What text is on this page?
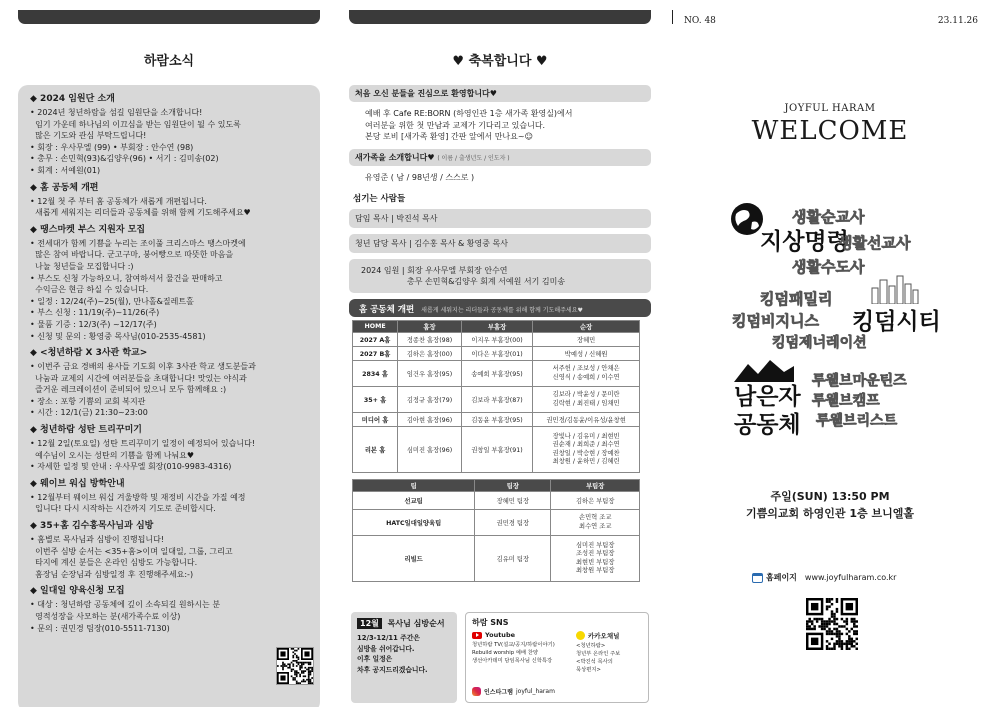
하람소식
◆ 2024 임원단 소개
• 2024년 청년하람을 섬길 임원단을 소개합니다!
임기 가운데 하나님의 이끄심을 받는 임원단이 될 수 있도록
많은 기도와 관심 부탁드립니다!
• 회장 : 우사무엘 (99) • 부회장 : 안수연 (98)
• 총무 : 손민혁(93)&김양우(96) • 서기 : 김미송(02)
• 회계 : 서예원(01)
◆ 홈 공동체 개편
• 12월 첫 주 부터 홈 공동체가 새롭게 개편됩니다.
새롭게 세워지는 리더들과 공동체를 위해 함께 기도해주세요♥
◆ 땡스마켓 부스 지원자 모집
• 전세대가 함께 기쁨을 누리는 조이풀 크리스마스 땡스마켓에
많은 참여 바랍니다. 군고구마, 붕어빵으로 따뜻한 마음을
나눌 청년들을 모집합니다 :)
• 부스도 신청 가능하오니, 참여하셔서 물건을 판매하고
수익금은 현금 하실 수 있습니다.
• 일정 : 12/24(주)~25(월), 만나홀&질레트홀
• 부스 신청 : 11/19(주)~11/26(주)
• 물품 기증 : 12/3(주) ~12/17(주)
• 신청 및 문의 : 황영중 목사님(010-2535-4581)
◆ <청년하람 X 3사관 학교>
• 이번주 금요 경배의 용사들 기도회 이후 3사관 학교 생도분들과
나눔과 교제의 시간에 여러분들을 초대합니다! 맛있는 야식과
즐거운 레크레이션이 준비되어 있으니 모두 함께해요 :)
• 장소 : 포항 기쁨의 교회 복지관
• 시간 : 12/1(금) 21:30~23:00
◆ 청년하람 성탄 트리꾸미기
• 12월 2일(토요일) 성탄 트리꾸미기 일정이 예정되어 있습니다!
예수님이 오시는 성탄의 기쁨을 함께 나눠요♥
• 자세한 일정 및 안내 : 우사무엘 회장(010-9983-4316)
◆ 웨이브 워십 방학안내
• 12월부터 웨이브 워십 겨울방학 및 재정비 시간을 가질 예정
입니다! 다시 시작하는 시간까지 기도로 준비합시다.
◆ 35+홈 김수홍목사님과 심방
• 홈별로 목사님과 심방이 진행됩니다!
이번주 심방 순서는 <35+홈>이며 일대일, 그룹, 그리고
타지에 계신 분들은 온라인 심방도 가능합니다.
홈장님 순장님과 심방일정 후 진행해주세요:-)
◆ 일대일 양육신청 모집
• 대상 : 청년하람 공동체에 깊이 소속되길 원하시는 분
영적성장을 사모하는 분(새가족수료 이상)
• 문의 : 권민경 팀장(010-5511-7130)
♥ 축복합니다 ♥
처음 오신 분들을 진심으로 환영합니다♥
예배 후 Cafe RE:BORN (하영인관 1층 새가족 환영실)에서
여러분을 위한 첫 만남과 교제가 기다리고 있습니다.
본당 로비 [새가족 환영] 간판 앞에서 만나요~☺
새가족을 소개합니다♥ ( 이름 / 출생년도 / 인도자 )
유영준 ( 남 / 98년생 / 스스로 )
섬기는 사람들
담임 목사 | 박진석 목사
청년 담당 목사 | 김수홍 목사 & 황영중 목사
2024 임원 | 회장 우사무엘 부회장 안수연
총무 손민혁&김양우 회계 서예원 서기 김미송
홈 공동체 개편 새롭게 세워지는 리더들과 공동체를 위해 함께 기도해주세요♥
HOME	홈장	부홈장	순장
2027 A홈	정종찬 홈장(98)	이지우 부홈장(00)	장혜민
2027 B홈	김하은 홈장(00)	이다은 부홈장(01)	박예성 / 신혜원
2834 홈	임건우 홈장(95)	송예희 부홈장(95)	서주헌 / 조보성 / 안채은
신영식 / 송예희 / 이수연
35+ 홈	김정규 홈장(79)	김보라 부홈장(87)	김보라 / 박윤성 / 문미란
김락현 / 최진태 / 임채민
미디어 홈	김아현 홈장(96)	김동윤 부홈장(95)	권민경/김동윤/이유성/윤창현
리본 홈	심미진 홈장(96)	권창일 부홈장(91)	장빛나 / 김유미 / 최현빈
권순재 / 최희준 / 최수연
권창일 / 박승현 / 장예찬
최창원 / 윤하민 / 김혜린
팀	팀장	부팀장
선교팀	장혜민 팀장	김하은 부팀장
HATC일대일양육팀	권민경 팀장	손민혁 조교
최수연 조교
리빌드	김유미 팀장	심미진 부팀장
조성진 부팀장
최현빈 부팀장
최창원 부팀장
12월 목사님 심방순서
12/3-12/11 주간은
심방을 쉬어갑니다.
이후 일정은
차후 공지드리겠습니다.
하람 SNS
Youtube
청년하람 TV(설교/공지/하람이야기)
Rebuild worship 예배 찬양
생선아카데미 담임목사님 신학특강
카카오채널
<청년하람>
청년부 온라인 주보
<박진석 목사의
묵상편지>
인스타그램 joyful_haram
NO. 48	23.11.26
JOYFUL HARAM
WELCOME
생활순교사
지상명령
생활선교사
생활수도사
킹덤패밀리
킹덤비지니스 킹덤시티
킹덤제너레이션
남은자
공동체
투웰브마운틴즈
투웰브캠프
투웰브리스트
주일(SUN) 13:50 PM
기쁨의교회 하영인관 1층 브니엘홀
홈페이지 www.joyfulharam.co.kr
